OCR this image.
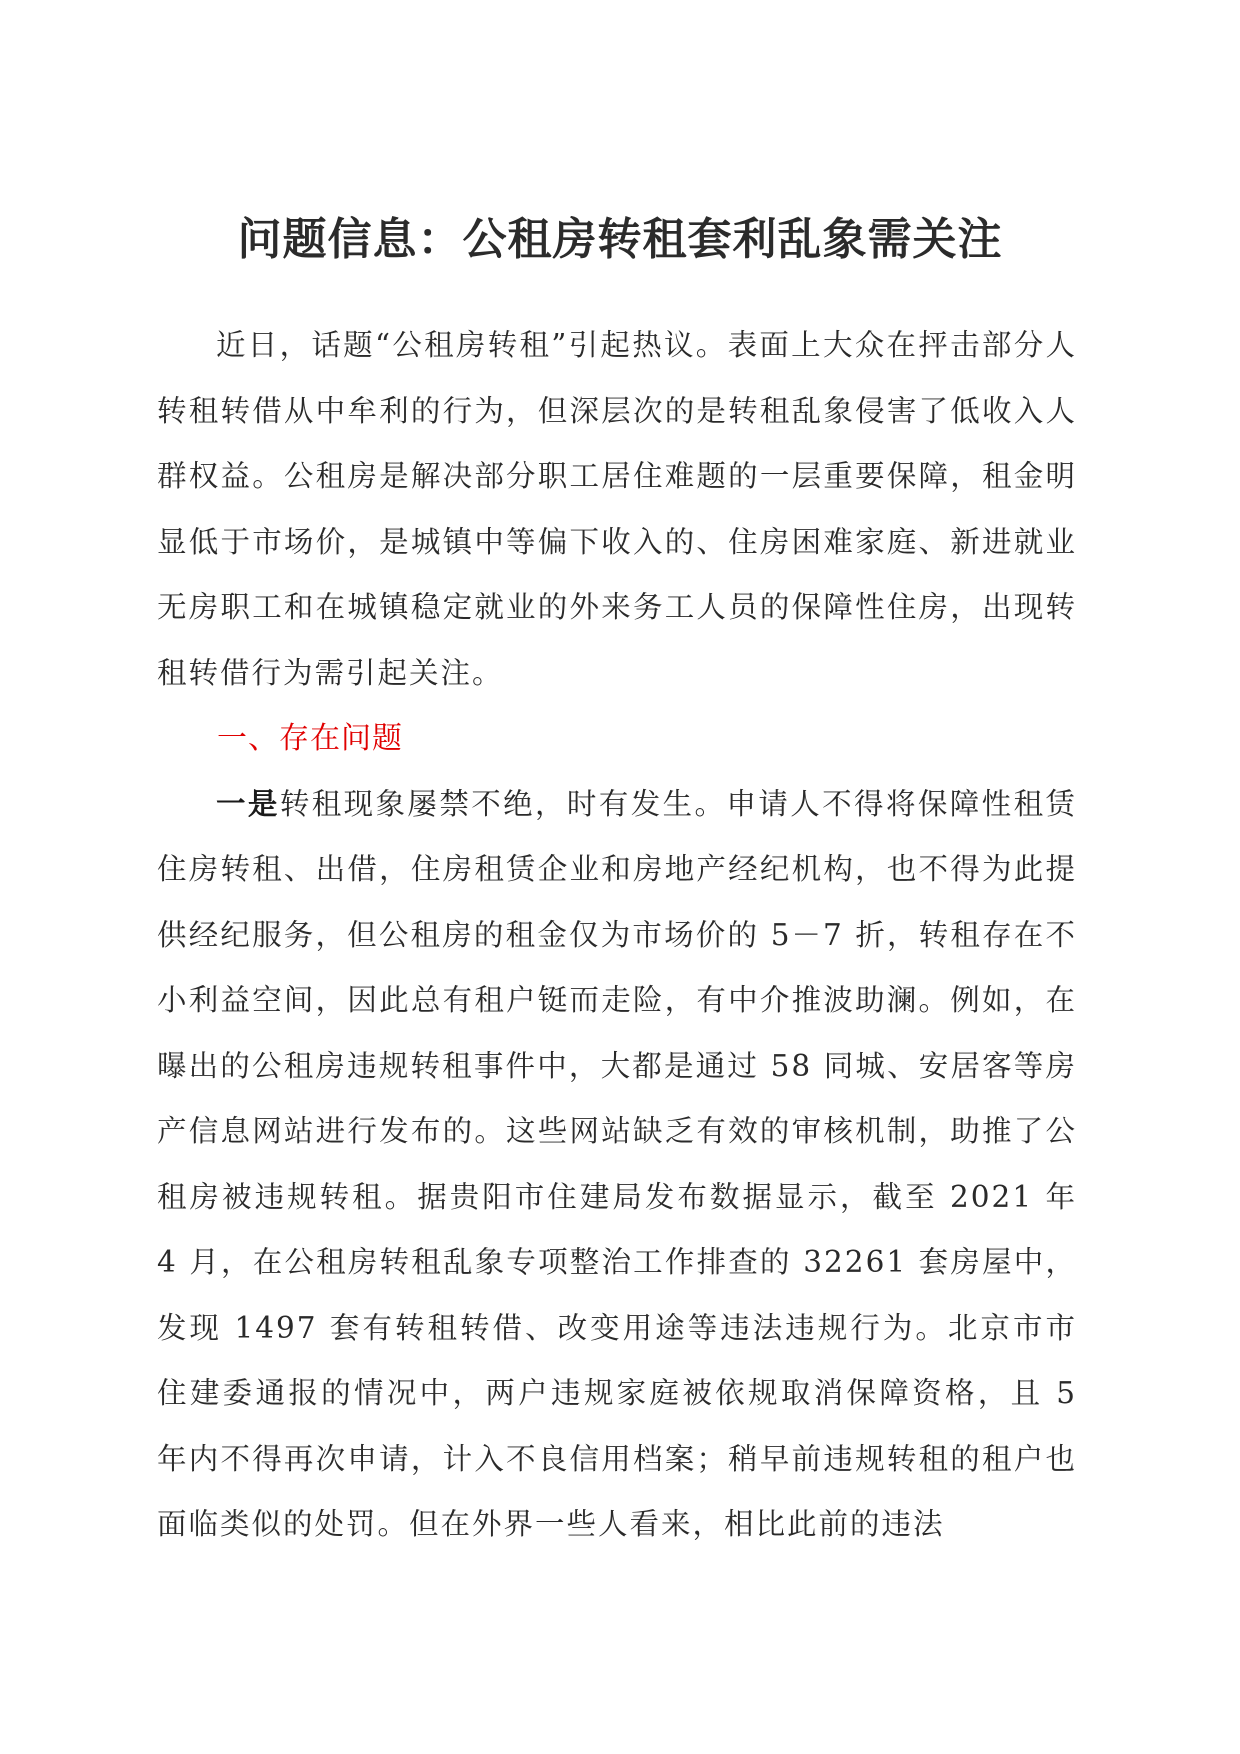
问题信息：公租房转租套利乱象需关注

近日，话题“公租房转租”引起热议。表面上大众在抨击部分人转租转借从中牟利的行为，但深层次的是转租乱象侵害了低收入人群权益。公租房是解决部分职工居住难题的一层重要保障，租金明显低于市场价，是城镇中等偏下收入的、住房困难家庭、新进就业无房职工和在城镇稳定就业的外来务工人员的保障性住房，出现转租转借行为需引起关注。

一、存在问题

一是转租现象屡禁不绝，时有发生。申请人不得将保障性租赁住房转租、出借，住房租赁企业和房地产经纪机构，也不得为此提供经纪服务，但公租房的租金仅为市场价的 5－7 折，转租存在不小利益空间，因此总有租户铤而走险，有中介推波助澜。例如，在曝出的公租房违规转租事件中，大都是通过 58 同城、安居客等房产信息网站进行发布的。这些网站缺乏有效的审核机制，助推了公租房被违规转租。据贵阳市住建局发布数据显示，截至 2021 年 4 月，在公租房转租乱象专项整治工作排查的 32261 套房屋中，发现 1497 套有转租转借、改变用途等违法违规行为。北京市市住建委通报的情况中，两户违规家庭被依规取消保障资格，且 5 年内不得再次申请，计入不良信用档案；稍早前违规转租的租户也面临类似的处罚。但在外界一些人看来，相比此前的违法
